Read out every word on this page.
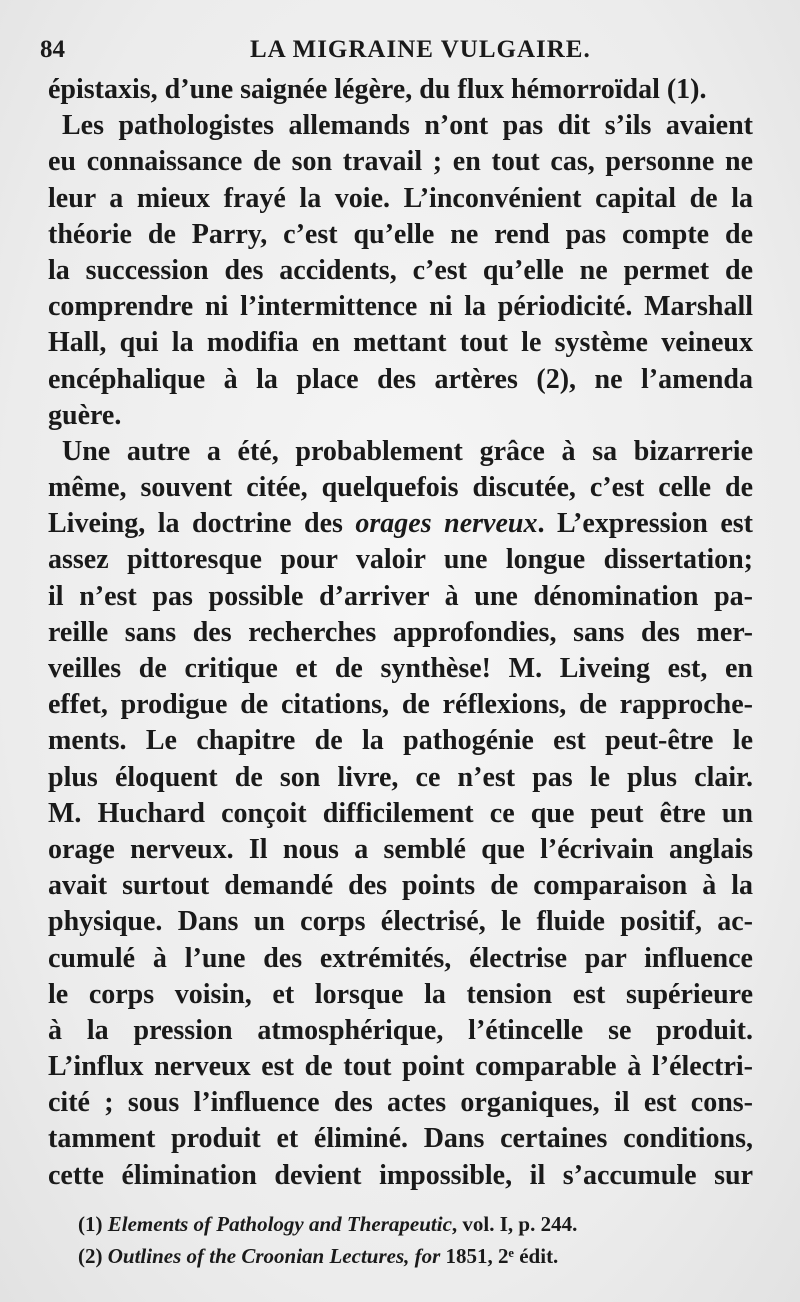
84	LA MIGRAINE VULGAIRE.
épistaxis, d’une saignée légère, du flux hémorroïdal (1).
Les pathologistes allemands n’ont pas dit s’ils avaient
eu connaissance de son travail ; en tout cas, personne ne
leur a mieux frayé la voie. L’inconvénient capital de la
théorie de Parry, c’est qu’elle ne rend pas compte de
la succession des accidents, c’est qu’elle ne permet de
comprendre ni l’intermittence ni la périodicité. Marshall
Hall, qui la modifia en mettant tout le système veineux
encéphalique à la place des artères (2), ne l’amenda
guère.
Une autre a été, probablement grâce à sa bizarrerie
même, souvent citée, quelquefois discutée, c’est celle de
Liveing, la doctrine des orages nerveux. L’expression est
assez pittoresque pour valoir une longue dissertation;
il n’est pas possible d’arriver à une dénomination pa-
reille sans des recherches approfondies, sans des mer-
veilles de critique et de synthèse! M. Liveing est, en
effet, prodigue de citations, de réflexions, de rapproche-
ments. Le chapitre de la pathogénie est peut-être le
plus éloquent de son livre, ce n’est pas le plus clair.
M. Huchard conçoit difficilement ce que peut être un
orage nerveux. Il nous a semblé que l’écrivain anglais
avait surtout demandé des points de comparaison à la
physique. Dans un corps électrisé, le fluide positif, ac-
cumulé à l’une des extrémités, électrise par influence
le corps voisin, et lorsque la tension est supérieure
à la pression atmosphérique, l’étincelle se produit.
L’influx nerveux est de tout point comparable à l’électri-
cité ; sous l’influence des actes organiques, il est cons-
tamment produit et éliminé. Dans certaines conditions,
cette élimination devient impossible, il s’accumule sur
(1) Elements of Pathology and Therapeutic, vol. I, p. 244.
(2) Outlines of the Croonian Lectures, for 1851, 2ᵉ édit.
